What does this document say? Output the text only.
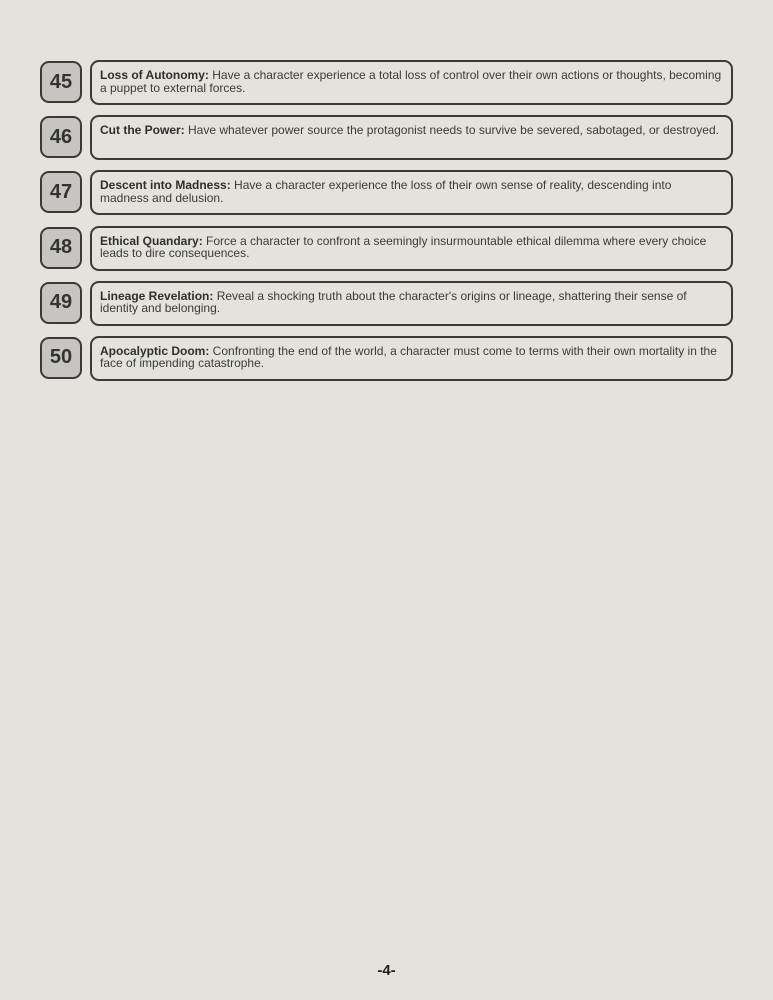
45	Loss of Autonomy: Have a character experience a total loss of control over their own actions or thoughts, becoming a puppet to external forces.
46	Cut the Power: Have whatever power source the protagonist needs to survive be severed, sabotaged, or destroyed.
47	Descent into Madness: Have a character experience the loss of their own sense of reality, descending into madness and delusion.
48	Ethical Quandary: Force a character to confront a seemingly insurmountable ethical dilemma where every choice leads to dire consequences.
49	Lineage Revelation: Reveal a shocking truth about the character's origins or lineage, shattering their sense of identity and belonging.
50	Apocalyptic Doom: Confronting the end of the world, a character must come to terms with their own mortality in the face of impending catastrophe.
-4-
